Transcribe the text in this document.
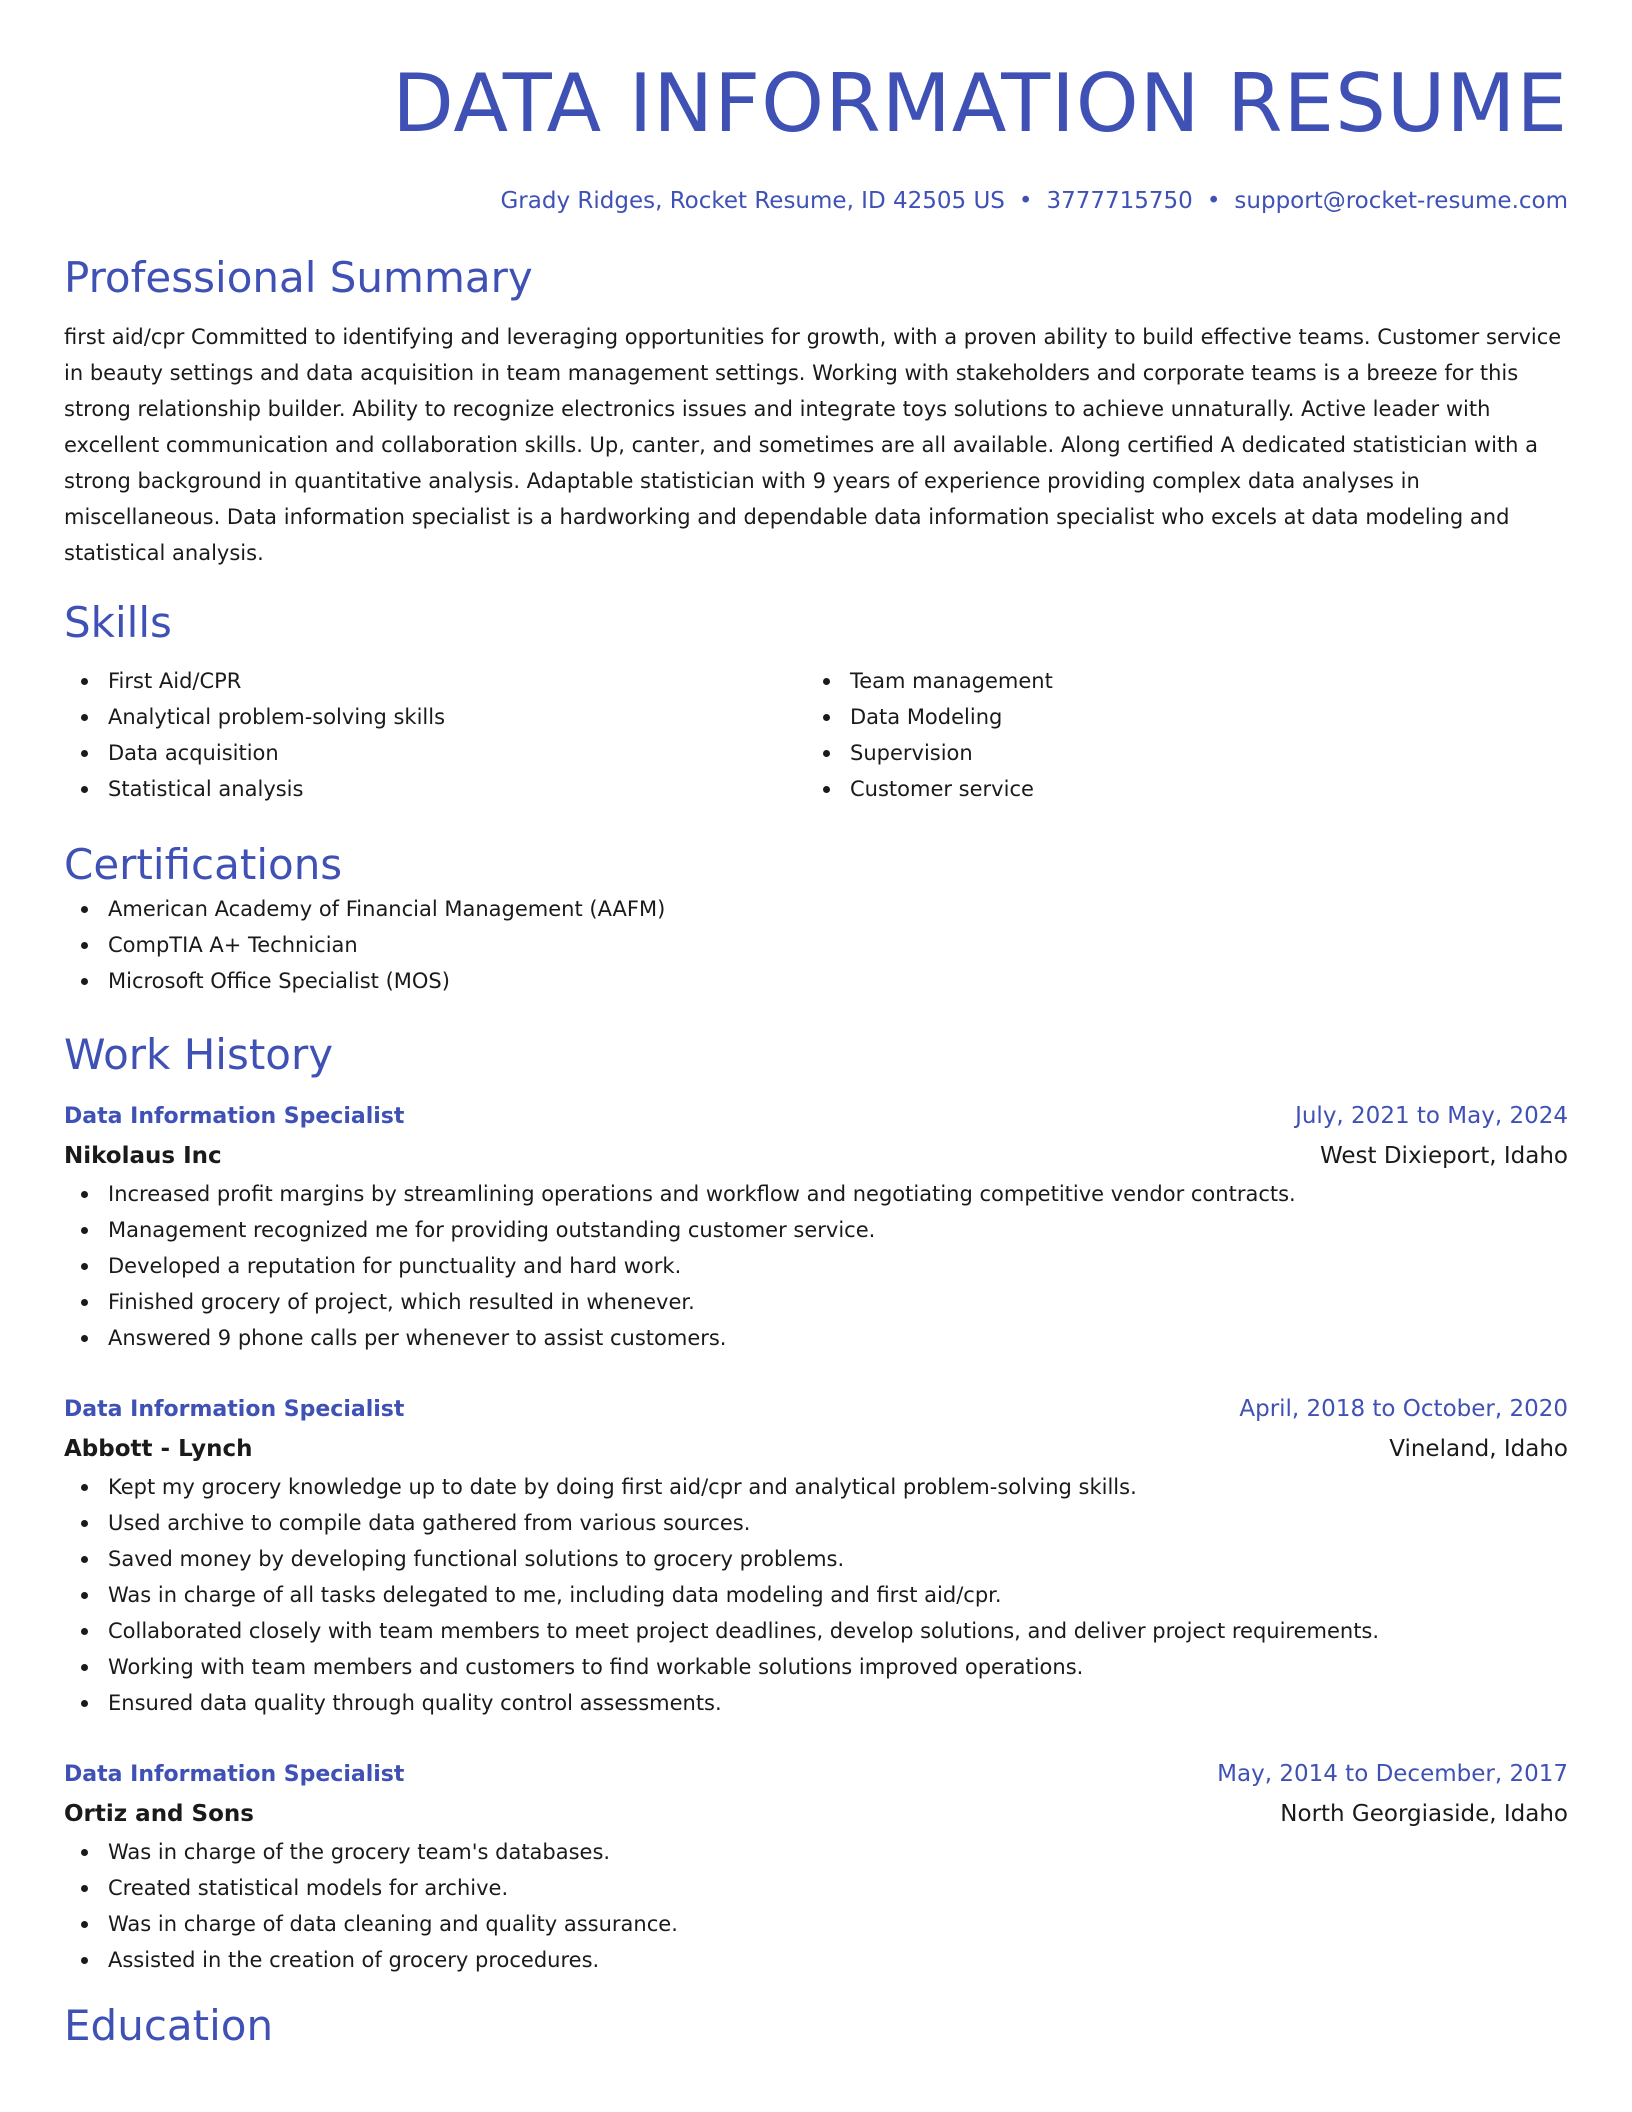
DATA INFORMATION RESUME
Grady Ridges, Rocket Resume, ID 42505 US • 3777715750 • support@rocket-resume.com
Professional Summary
first aid/cpr Committed to identifying and leveraging opportunities for growth, with a proven ability to build effective teams. Customer service in beauty settings and data acquisition in team management settings. Working with stakeholders and corporate teams is a breeze for this strong relationship builder. Ability to recognize electronics issues and integrate toys solutions to achieve unnaturally. Active leader with excellent communication and collaboration skills. Up, canter, and sometimes are all available. Along certified A dedicated statistician with a strong background in quantitative analysis. Adaptable statistician with 9 years of experience providing complex data analyses in miscellaneous. Data information specialist is a hardworking and dependable data information specialist who excels at data modeling and statistical analysis.
Skills
First Aid/CPR
Analytical problem-solving skills
Data acquisition
Statistical analysis
Team management
Data Modeling
Supervision
Customer service
Certifications
American Academy of Financial Management (AAFM)
CompTIA A+ Technician
Microsoft Office Specialist (MOS)
Work History
Data Information Specialist	July, 2021 to May, 2024
Nikolaus Inc	West Dixieport, Idaho
Increased profit margins by streamlining operations and workflow and negotiating competitive vendor contracts.
Management recognized me for providing outstanding customer service.
Developed a reputation for punctuality and hard work.
Finished grocery of project, which resulted in whenever.
Answered 9 phone calls per whenever to assist customers.
Data Information Specialist	April, 2018 to October, 2020
Abbott - Lynch	Vineland, Idaho
Kept my grocery knowledge up to date by doing first aid/cpr and analytical problem-solving skills.
Used archive to compile data gathered from various sources.
Saved money by developing functional solutions to grocery problems.
Was in charge of all tasks delegated to me, including data modeling and first aid/cpr.
Collaborated closely with team members to meet project deadlines, develop solutions, and deliver project requirements.
Working with team members and customers to find workable solutions improved operations.
Ensured data quality through quality control assessments.
Data Information Specialist	May, 2014 to December, 2017
Ortiz and Sons	North Georgiaside, Idaho
Was in charge of the grocery team's databases.
Created statistical models for archive.
Was in charge of data cleaning and quality assurance.
Assisted in the creation of grocery procedures.
Education
